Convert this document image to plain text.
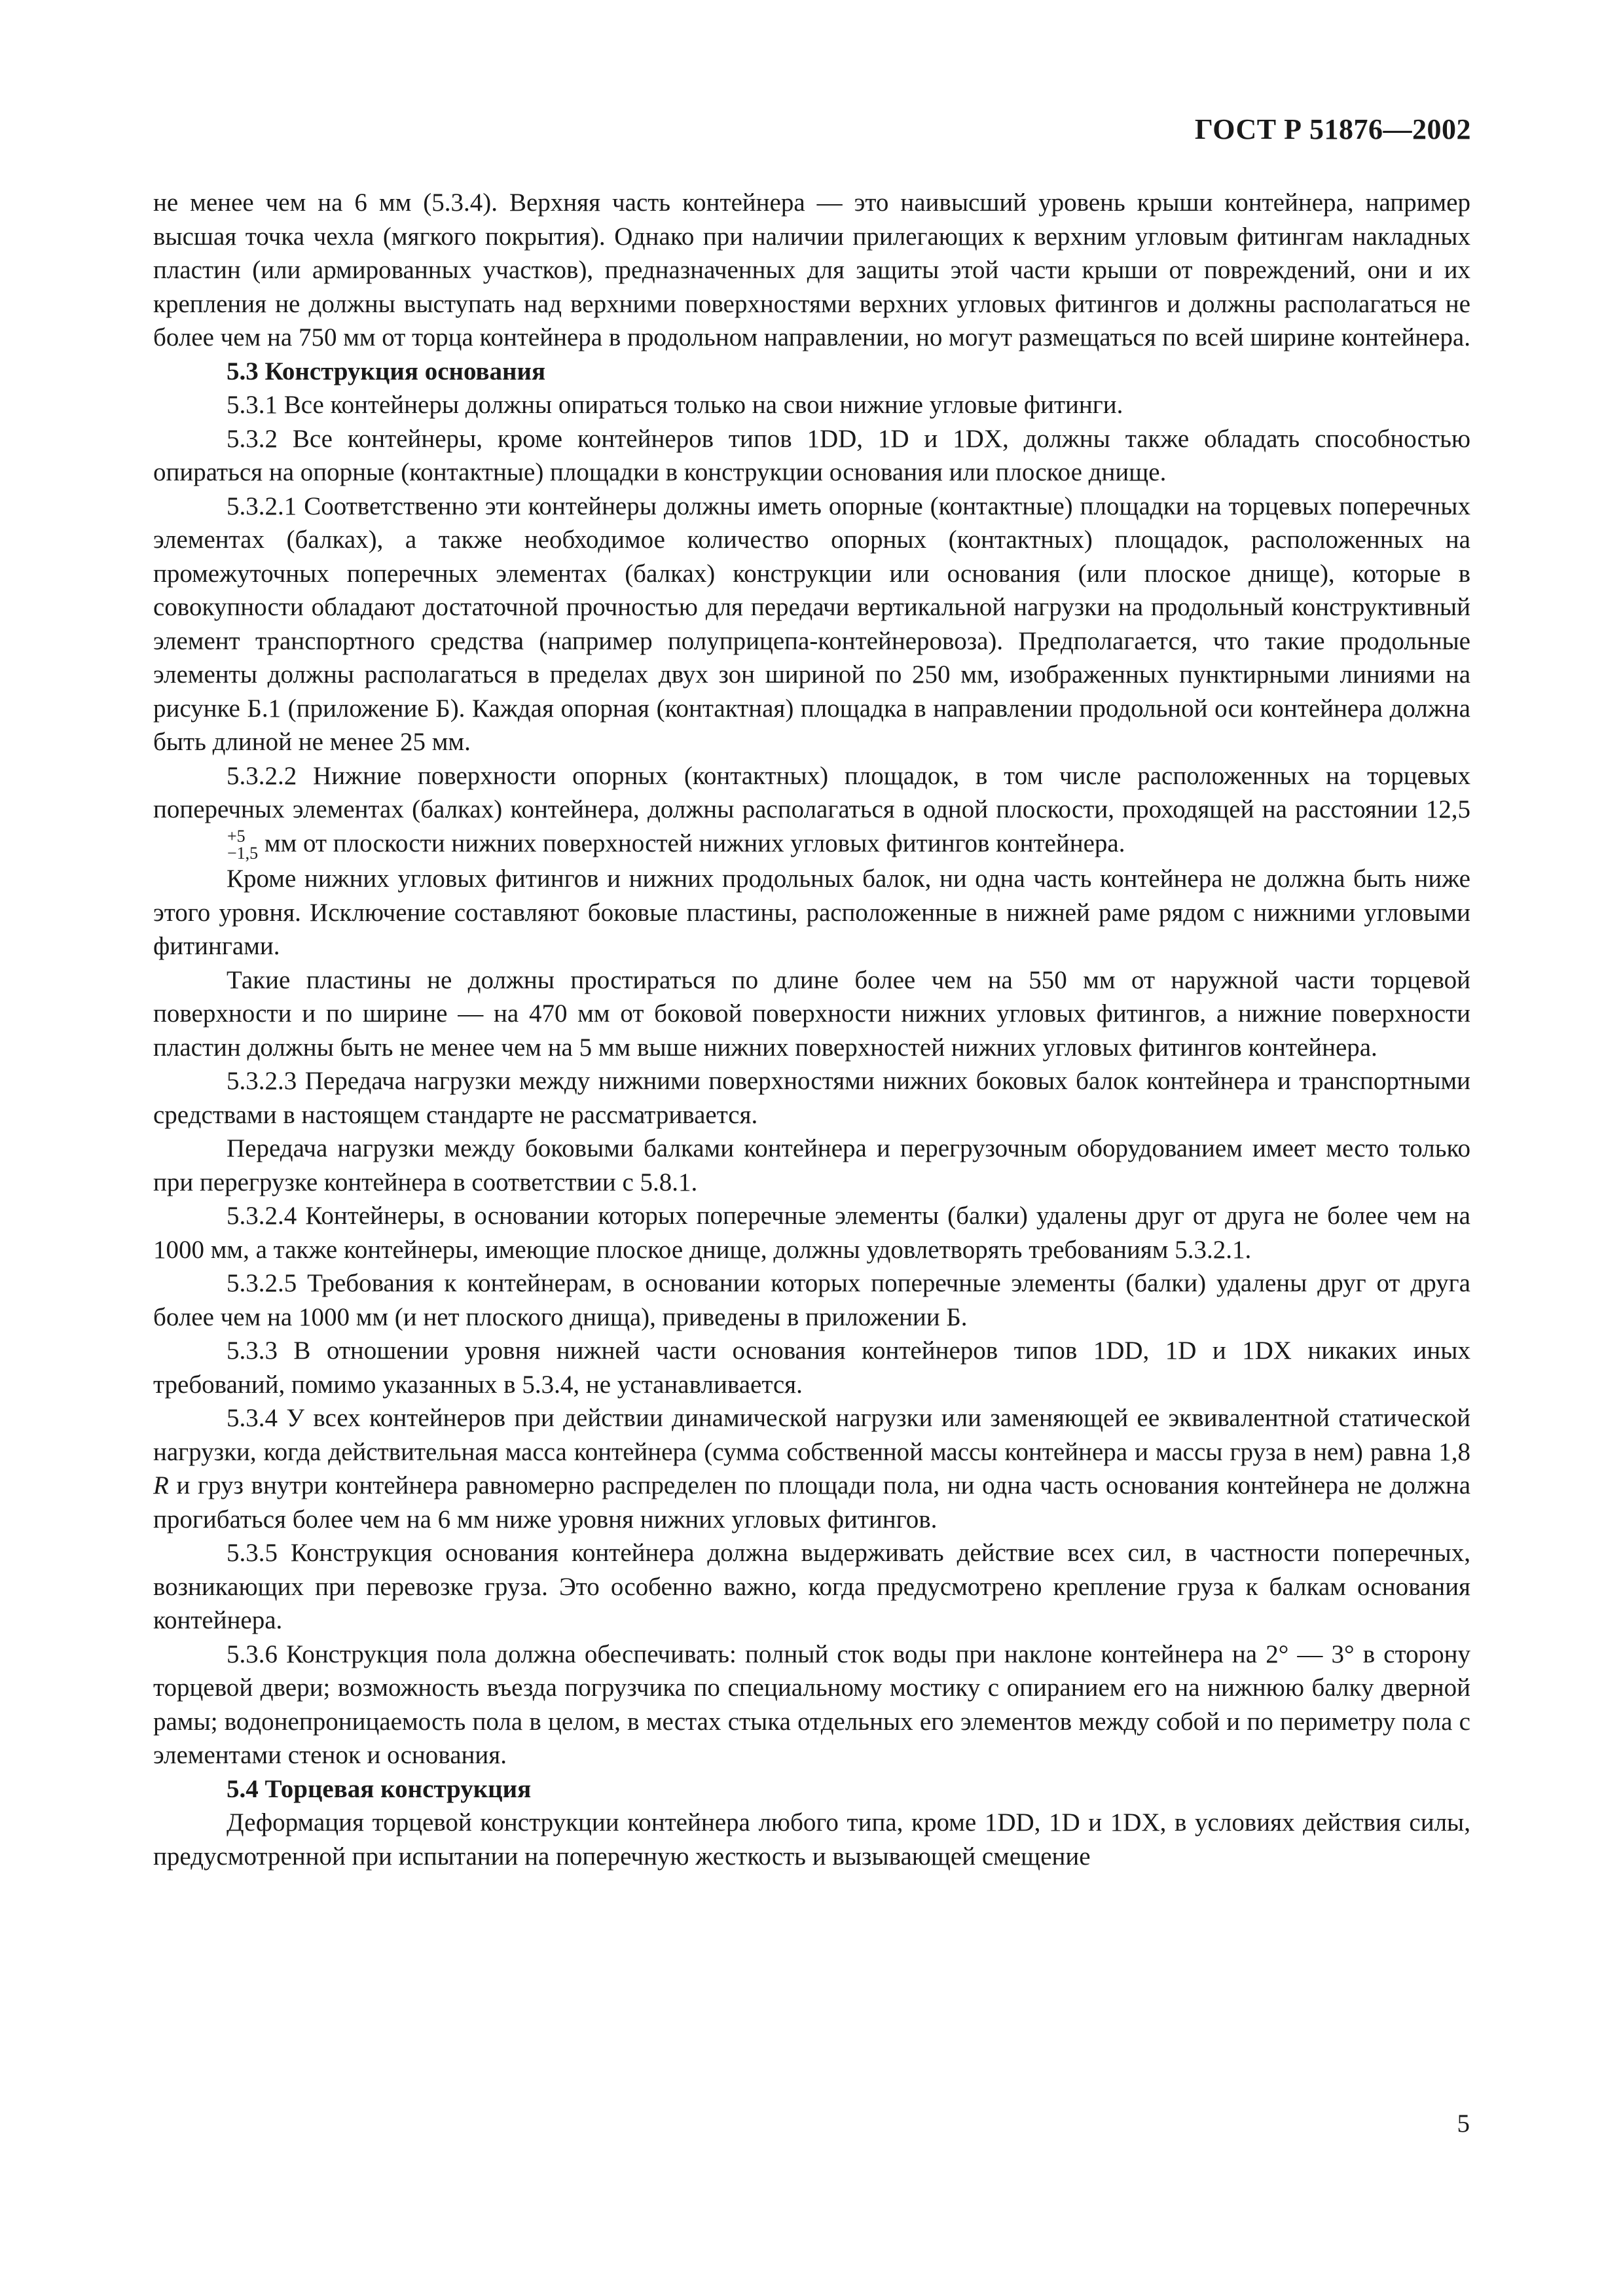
ГОСТ Р 51876—2002

не менее чем на 6 мм (5.3.4). Верхняя часть контейнера — это наивысший уровень крыши контейнера, например высшая точка чехла (мягкого покрытия). Однако при наличии прилегающих к верхним угловым фитингам накладных пластин (или армированных участков), предназначенных для защиты этой части крыши от повреждений, они и их крепления не должны выступать над верхними поверхностями верхних угловых фитингов и должны располагаться не более чем на 750 мм от торца контейнера в продольном направлении, но могут размещаться по всей ширине контейнера.

5.3 Конструкция основания

5.3.1 Все контейнеры должны опираться только на свои нижние угловые фитинги.

5.3.2 Все контейнеры, кроме контейнеров типов 1DD, 1D и 1DX, должны также обладать способностью опираться на опорные (контактные) площадки в конструкции основания или плоское днище.

5.3.2.1 Соответственно эти контейнеры должны иметь опорные (контактные) площадки на торцевых поперечных элементах (балках), а также необходимое количество опорных (контактных) площадок, расположенных на промежуточных поперечных элементах (балках) конструкции или основания (или плоское днище), которые в совокупности обладают достаточной прочностью для передачи вертикальной нагрузки на продольный конструктивный элемент транспортного средства (например полуприцепа-контейнеровоза). Предполагается, что такие продольные элементы должны располагаться в пределах двух зон шириной по 250 мм, изображенных пунктирными линиями на рисунке Б.1 (приложение Б). Каждая опорная (контактная) площадка в направлении продольной оси контейнера должна быть длиной не менее 25 мм.

5.3.2.2 Нижние поверхности опорных (контактных) площадок, в том числе расположенных на торцевых поперечных элементах (балках) контейнера, должны располагаться в одной плоскости, проходящей на расстоянии 12,5
+5
−1,5 мм от плоскости нижних поверхностей нижних угловых фитингов контейнера.

Кроме нижних угловых фитингов и нижних продольных балок, ни одна часть контейнера не должна быть ниже этого уровня. Исключение составляют боковые пластины, расположенные в нижней раме рядом с нижними угловыми фитингами.

Такие пластины не должны простираться по длине более чем на 550 мм от наружной части торцевой поверхности и по ширине — на 470 мм от боковой поверхности нижних угловых фитингов, а нижние поверхности пластин должны быть не менее чем на 5 мм выше нижних поверхностей нижних угловых фитингов контейнера.

5.3.2.3 Передача нагрузки между нижними поверхностями нижних боковых балок контейнера и транспортными средствами в настоящем стандарте не рассматривается.

Передача нагрузки между боковыми балками контейнера и перегрузочным оборудованием имеет место только при перегрузке контейнера в соответствии с 5.8.1.

5.3.2.4 Контейнеры, в основании которых поперечные элементы (балки) удалены друг от друга не более чем на 1000 мм, а также контейнеры, имеющие плоское днище, должны удовлетворять требованиям 5.3.2.1.

5.3.2.5 Требования к контейнерам, в основании которых поперечные элементы (балки) удалены друг от друга более чем на 1000 мм (и нет плоского днища), приведены в приложении Б.

5.3.3 В отношении уровня нижней части основания контейнеров типов 1DD, 1D и 1DX никаких иных требований, помимо указанных в 5.3.4, не устанавливается.

5.3.4 У всех контейнеров при действии динамической нагрузки или заменяющей ее эквивалентной статической нагрузки, когда действительная масса контейнера (сумма собственной массы контейнера и массы груза в нем) равна 1,8 R и груз внутри контейнера равномерно распределен по площади пола, ни одна часть основания контейнера не должна прогибаться более чем на 6 мм ниже уровня нижних угловых фитингов.

5.3.5 Конструкция основания контейнера должна выдерживать действие всех сил, в частности поперечных, возникающих при перевозке груза. Это особенно важно, когда предусмотрено крепление груза к балкам основания контейнера.

5.3.6 Конструкция пола должна обеспечивать: полный сток воды при наклоне контейнера на 2° — 3° в сторону торцевой двери; возможность въезда погрузчика по специальному мостику с опиранием его на нижнюю балку дверной рамы; водонепроницаемость пола в целом, в местах стыка отдельных его элементов между собой и по периметру пола с элементами стенок и основания.

5.4 Торцевая конструкция

Деформация торцевой конструкции контейнера любого типа, кроме 1DD, 1D и 1DX, в условиях действия силы, предусмотренной при испытании на поперечную жесткость и вызывающей смещение

5
